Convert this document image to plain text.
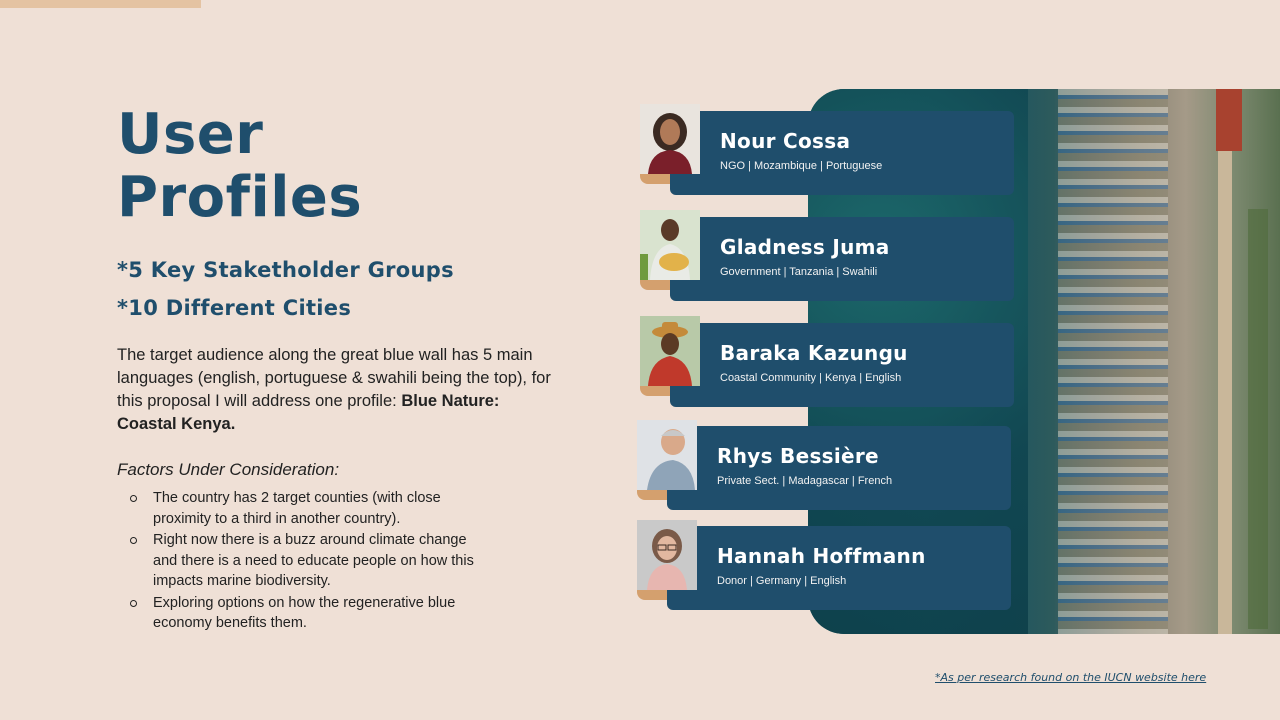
User
Profiles
*5 Key Staketholder Groups
*10 Different Cities
The target audience along the great blue wall has 5 main languages (english, portuguese & swahili being the top), for this proposal I will address one profile: Blue Nature: Coastal Kenya.
Factors Under Consideration:
The country has 2 target counties (with close proximity to a third in another country).
Right now there is a buzz around climate change and there is a need to educate people on how this impacts marine biodiversity.
Exploring options on how the regenerative blue economy benefits them.
Nour Cossa
NGO | Mozambique | Portuguese
Gladness Juma
Government | Tanzania | Swahili
Baraka Kazungu
Coastal Community | Kenya | English
Rhys Bessière
Private Sect. | Madagascar | French
Hannah Hoffmann
Donor | Germany | English
*As per research found on the IUCN website here
